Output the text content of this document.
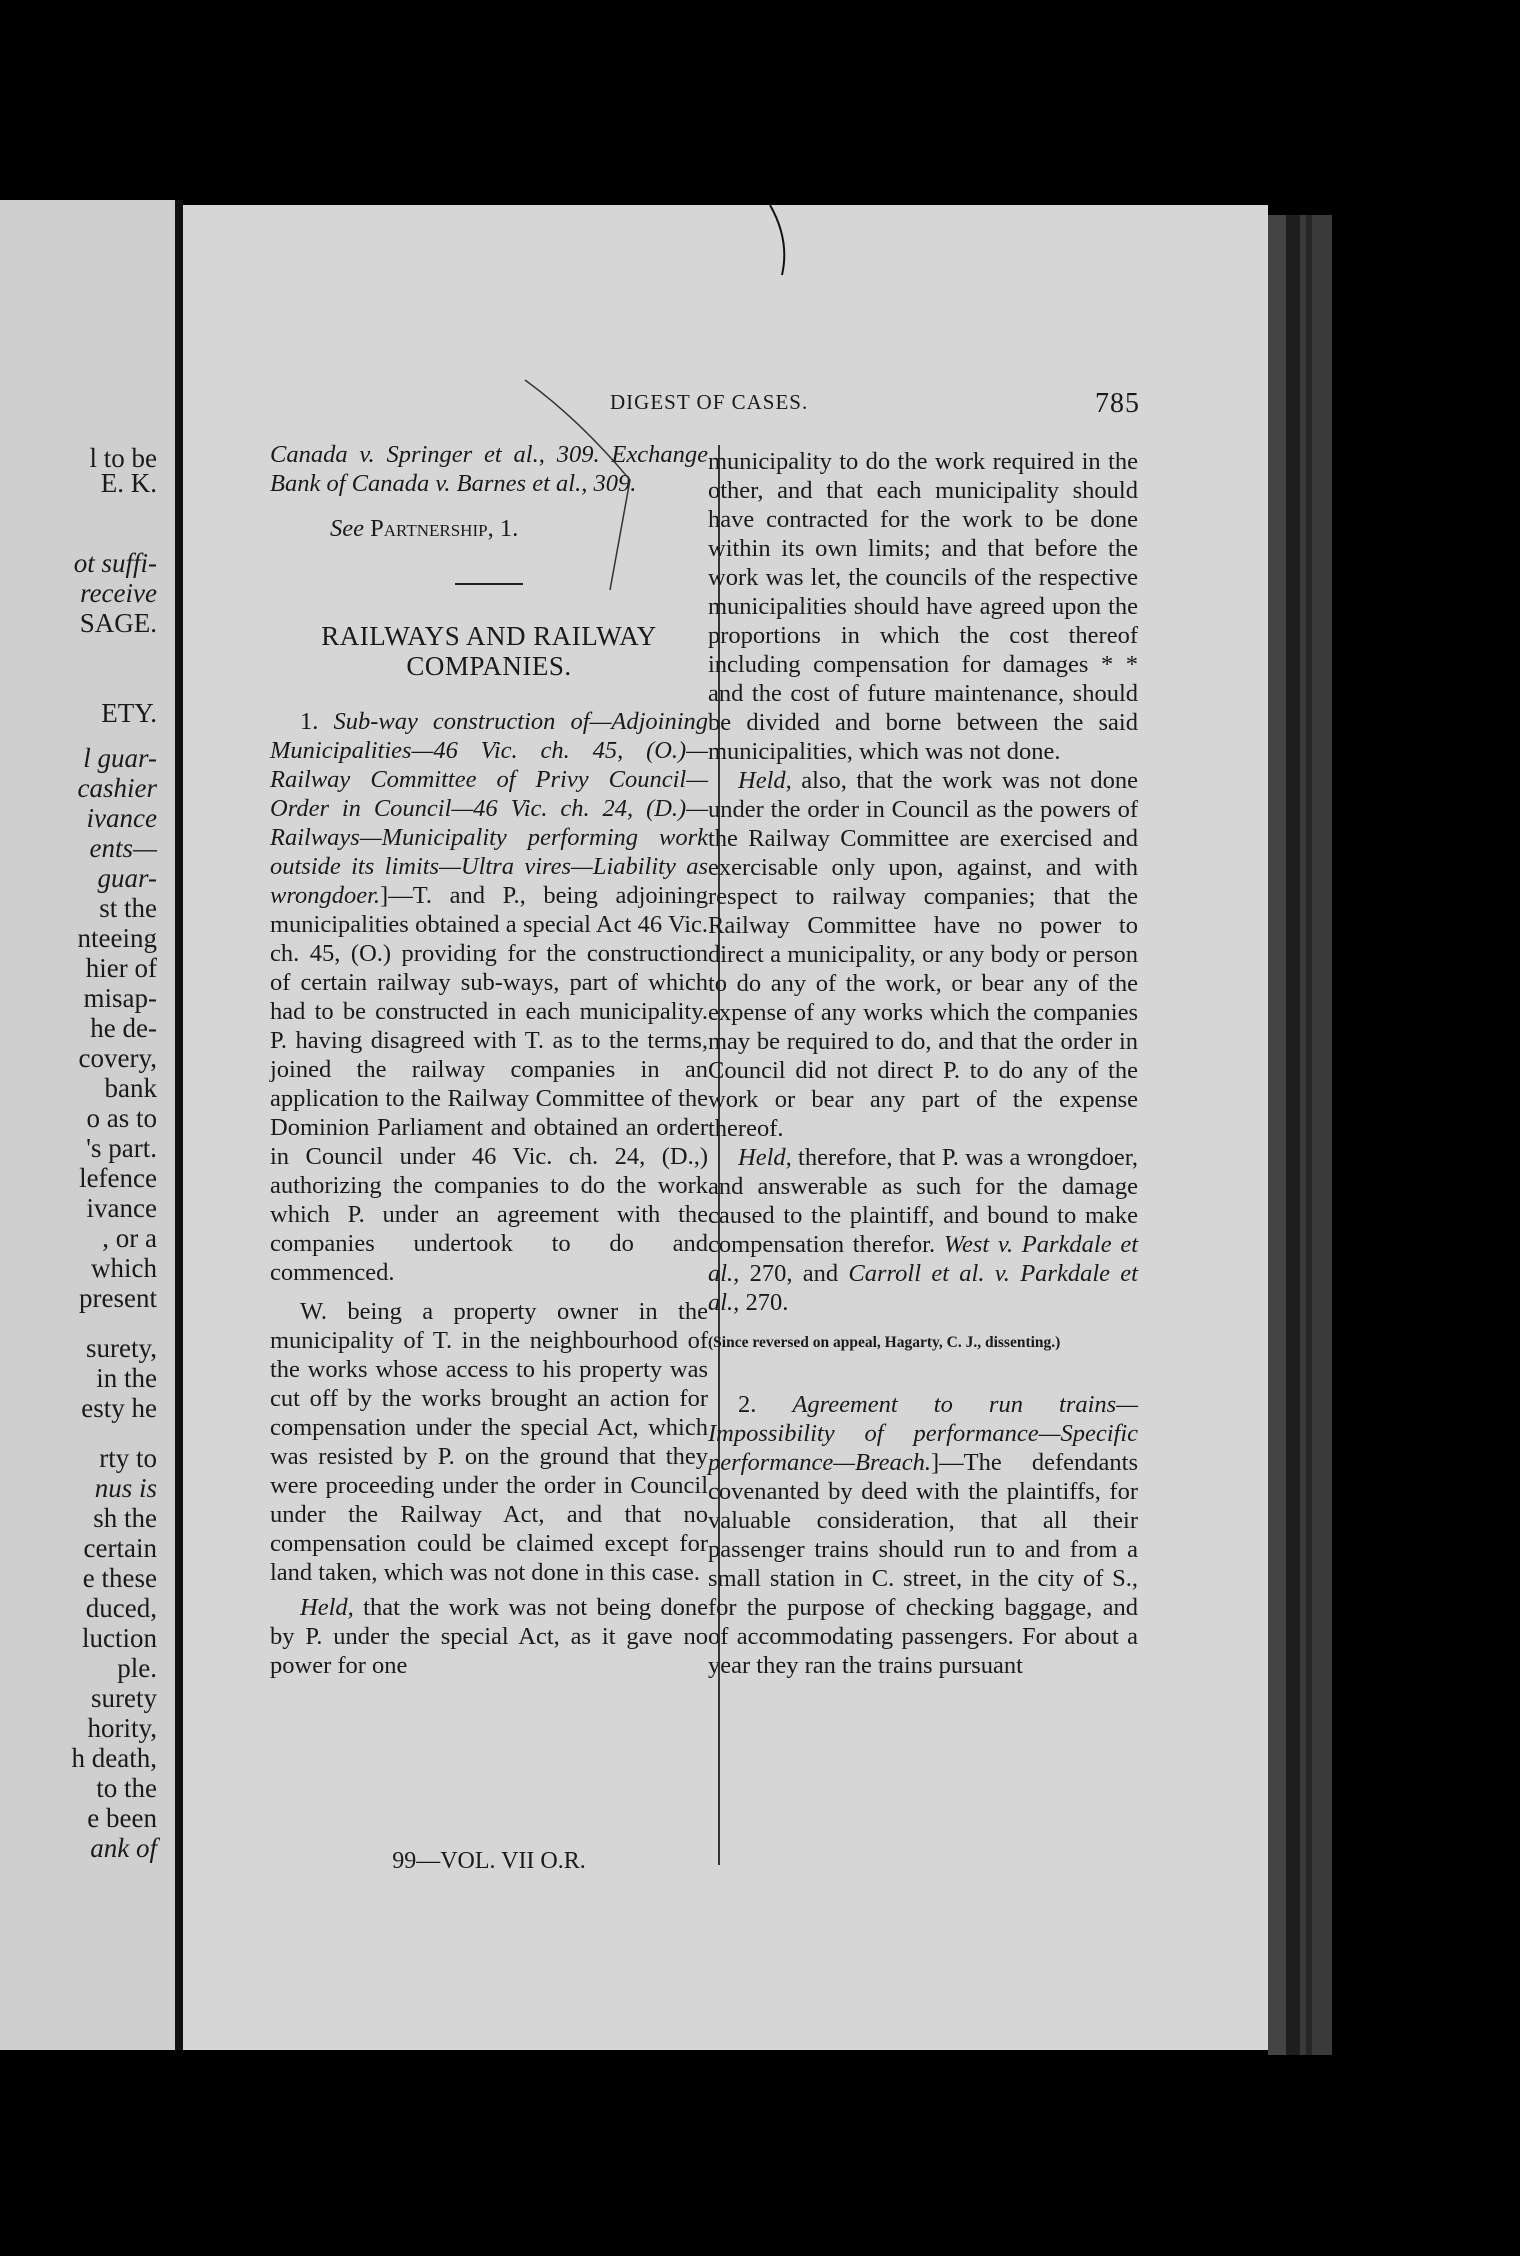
l to be
E. K.
ot suffi-
receive
SAGE.
ETY.
l guar-
cashier
ivance
ents—
guar-
st the
nteeing
hier of
misap-
he de-
covery,
bank
o as to
's part.
lefence
ivance
, or a
which
present
surety,
in the
esty he
rty to
nus is
sh the
certain
e these
duced,
luction
ple.
surety
hority,
h death,
to the
e been
ank of
DIGEST OF CASES.	785

Canada v. Springer et al., 309. Exchange Bank of Canada v. Barnes et al., 309.

See Partnership, 1.

RAILWAYS AND RAILWAY COMPANIES.

1. Sub-way construction of—Adjoining Municipalities—46 Vic. ch. 45, (O.)—Railway Committee of Privy Council—Order in Council—46 Vic. ch. 24, (D.)—Railways—Municipality performing work outside its limits—Ultra vires—Liability as wrongdoer.]—T. and P., being adjoining municipalities obtained a special Act 46 Vic. ch. 45, (O.) providing for the construction of certain railway sub-ways, part of which had to be constructed in each municipality. P. having disagreed with T. as to the terms, joined the railway companies in an application to the Railway Committee of the Dominion Parliament and obtained an order in Council under 46 Vic. ch. 24, (D.,) authorizing the companies to do the work which P. under an agreement with the companies undertook to do and commenced.

W. being a property owner in the municipality of T. in the neighbourhood of the works whose access to his property was cut off by the works brought an action for compensation under the special Act, which was resisted by P. on the ground that they were proceeding under the order in Council under the Railway Act, and that no compensation could be claimed except for land taken, which was not done in this case.

Held, that the work was not being done by P. under the special Act, as it gave no power for one

99—VOL. VII O.R.

municipality to do the work required in the other, and that each municipality should have contracted for the work to be done within its own limits; and that before the work was let, the councils of the respective municipalities should have agreed upon the proportions in which the cost thereof including compensation for damages * * and the cost of future maintenance, should be divided and borne between the said municipalities, which was not done.

Held, also, that the work was not done under the order in Council as the powers of the Railway Committee are exercised and exercisable only upon, against, and with respect to railway companies; that the Railway Committee have no power to direct a municipality, or any body or person to do any of the work, or bear any of the expense of any works which the companies may be required to do, and that the order in Council did not direct P. to do any of the work or bear any part of the expense thereof.

Held, therefore, that P. was a wrongdoer, and answerable as such for the damage caused to the plaintiff, and bound to make compensation therefor. West v. Parkdale et al., 270, and Carroll et al. v. Parkdale et al., 270.

(Since reversed on appeal, Hagarty, C. J., dissenting.)

2. Agreement to run trains—Impossibility of performance—Specific performance—Breach.]—The defendants covenanted by deed with the plaintiffs, for valuable consideration, that all their passenger trains should run to and from a small station in C. street, in the city of S., for the purpose of checking baggage, and of accommodating passengers. For about a year they ran the trains pursuant
